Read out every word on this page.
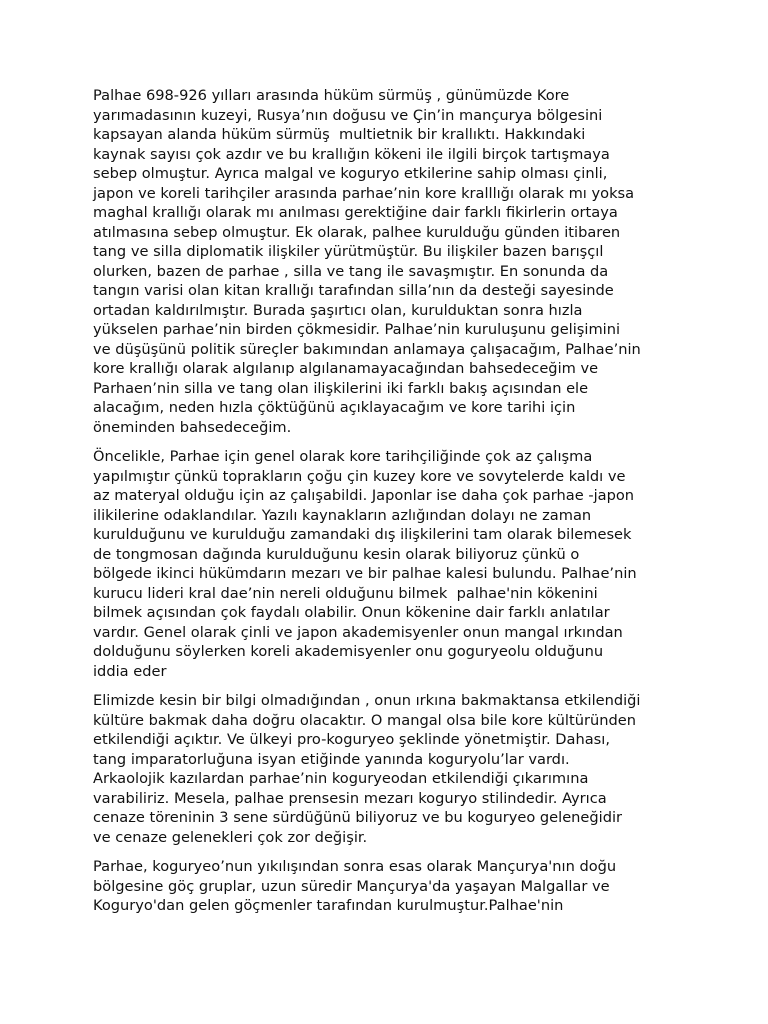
Palhae 698-926 yılları arasında hüküm sürmüş , günümüzde Kore
yarımadasının kuzeyi, Rusya’nın doğusu ve Çin’in mançurya bölgesini
kapsayan alanda hüküm sürmüş  multietnik bir krallıktı. Hakkındaki
kaynak sayısı çok azdır ve bu krallığın kökeni ile ilgili birçok tartışmaya
sebep olmuştur. Ayrıca malgal ve koguryo etkilerine sahip olması çinli,
japon ve koreli tarihçiler arasında parhae’nin kore kralllığı olarak mı yoksa
maghal krallığı olarak mı anılması gerektiğine dair farklı fikirlerin ortaya
atılmasına sebep olmuştur. Ek olarak, palhee kurulduğu günden itibaren
tang ve silla diplomatik ilişkiler yürütmüştür. Bu ilişkiler bazen barışçıl
olurken, bazen de parhae , silla ve tang ile savaşmıştır. En sonunda da
tangın varisi olan kitan krallığı tarafından silla’nın da desteği sayesinde
ortadan kaldırılmıştır. Burada şaşırtıcı olan, kurulduktan sonra hızla
yükselen parhae’nin birden çökmesidir. Palhae’nin kuruluşunu gelişimini
ve düşüşünü politik süreçler bakımından anlamaya çalışacağım, Palhae’nin
kore krallığı olarak algılanıp algılanamayacağından bahsedeceğim ve
Parhaen’nin silla ve tang olan ilişkilerini iki farklı bakış açısından ele
alacağım, neden hızla çöktüğünü açıklayacağım ve kore tarihi için
öneminden bahsedeceğim.

Öncelikle, Parhae için genel olarak kore tarihçiliğinde çok az çalışma
yapılmıştır çünkü toprakların çoğu çin kuzey kore ve sovytelerde kaldı ve
az materyal olduğu için az çalışabildi. Japonlar ise daha çok parhae -japon
ilikilerine odaklandılar. Yazılı kaynakların azlığından dolayı ne zaman
kurulduğunu ve kurulduğu zamandaki dış ilişkilerini tam olarak bilemesek
de tongmosan dağında kurulduğunu kesin olarak biliyoruz çünkü o
bölgede ikinci hükümdarın mezarı ve bir palhae kalesi bulundu. Palhae’nin
kurucu lideri kral dae’nin nereli olduğunu bilmek  palhae'nin kökenini
bilmek açısından çok faydalı olabilir. Onun kökenine dair farklı anlatılar
vardır. Genel olarak çinli ve japon akademisyenler onun mangal ırkından
dolduğunu söylerken koreli akademisyenler onu goguryeolu olduğunu
iddia eder

Elimizde kesin bir bilgi olmadığından , onun ırkına bakmaktansa etkilendiği
kültüre bakmak daha doğru olacaktır. O mangal olsa bile kore kültüründen
etkilendiği açıktır. Ve ülkeyi pro-koguryeo şeklinde yönetmiştir. Dahası,
tang imparatorluğuna isyan etiğinde yanında koguryolu’lar vardı.
Arkaolojik kazılardan parhae’nin koguryeodan etkilendiği çıkarımına
varabiliriz. Mesela, palhae prensesin mezarı koguryo stilindedir. Ayrıca
cenaze töreninin 3 sene sürdüğünü biliyoruz ve bu koguryeo geleneğidir
ve cenaze gelenekleri çok zor değişir.

Parhae, koguryeo’nun yıkılışından sonra esas olarak Mançurya'nın doğu
bölgesine göç gruplar, uzun süredir Mançurya'da yaşayan Malgallar ve
Koguryo'dan gelen göçmenler tarafından kurulmuştur.Palhae'nin
